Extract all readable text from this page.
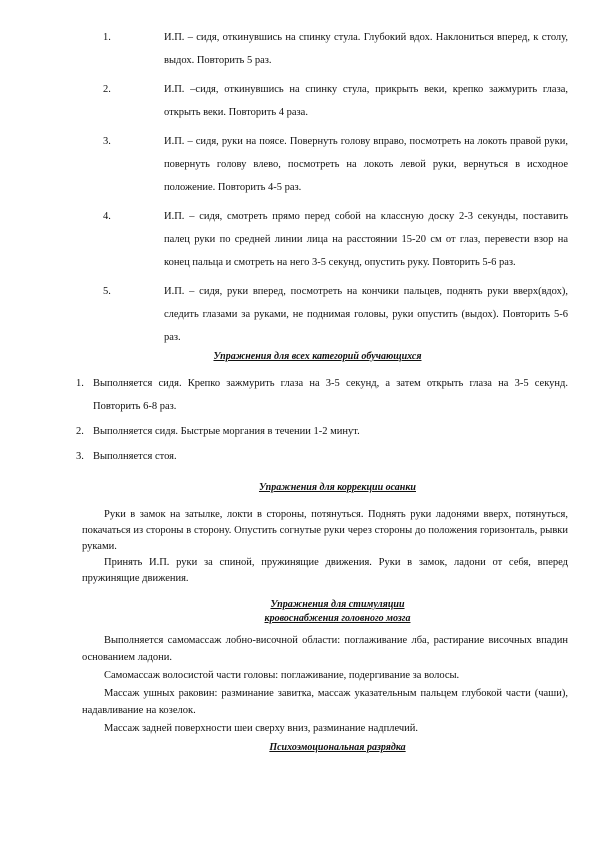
1.	И.П. – сидя, откинувшись на спинку стула. Глубокий вдох. Наклониться вперед, к столу, выдох. Повторить 5 раз.
2.	И.П. –сидя, откинувшись на спинку стула, прикрыть веки, крепко зажмурить глаза, открыть веки. Повторить 4 раза.
3.	И.П. – сидя, руки на поясе. Повернуть голову вправо, посмотреть на локоть правой руки, повернуть голову влево, посмотреть на локоть левой руки, вернуться в исходное положение. Повторить 4-5 раз.
4.	И.П. – сидя, смотреть прямо перед собой на классную доску 2-3 секунды, поставить палец руки по средней линии лица на расстоянии 15-20 см от глаз, перевести взор на конец пальца и смотреть на него 3-5 секунд, опустить руку. Повторить 5-6 раз.
5.	И.П. – сидя, руки вперед, посмотреть на кончики пальцев, поднять руки вверх(вдох), следить глазами за руками, не поднимая головы, руки опустить (выдох). Повторить 5-6 раз.
Упражнения для всех категорий обучающихся
1. Выполняется сидя. Крепко зажмурить глаза на 3-5 секунд, а затем открыть глаза на 3-5 секунд. Повторить 6-8 раз.
2. Выполняется сидя. Быстрые моргания в течении 1-2 минут.
3. Выполняется стоя.
Упражнения для коррекции осанки

Руки в замок на затылке, локти в стороны, потянуться. Поднять руки ладонями вверх, потянуться, покачаться из стороны в сторону. Опустить согнутые руки через стороны до положения горизонталь, рывки руками.

Принять И.П. руки за спиной, пружинящие движения. Руки в замок, ладони от себя, вперед пружинящие движения.

Упражнения для стимуляции
кровоснабжения головного мозга

Выполняется самомассаж лобно-височной области: поглаживание лба, растирание височных впадин основанием ладони.

Самомассаж волосистой части головы: поглаживание, подергивание за волосы.

Массаж ушных раковин: разминание завитка, массаж указательным пальцем глубокой части (чаши), надавливание на козелок.

Массаж задней поверхности шеи сверху вниз, разминание надплечий.

Психоэмоциональная разрядка
